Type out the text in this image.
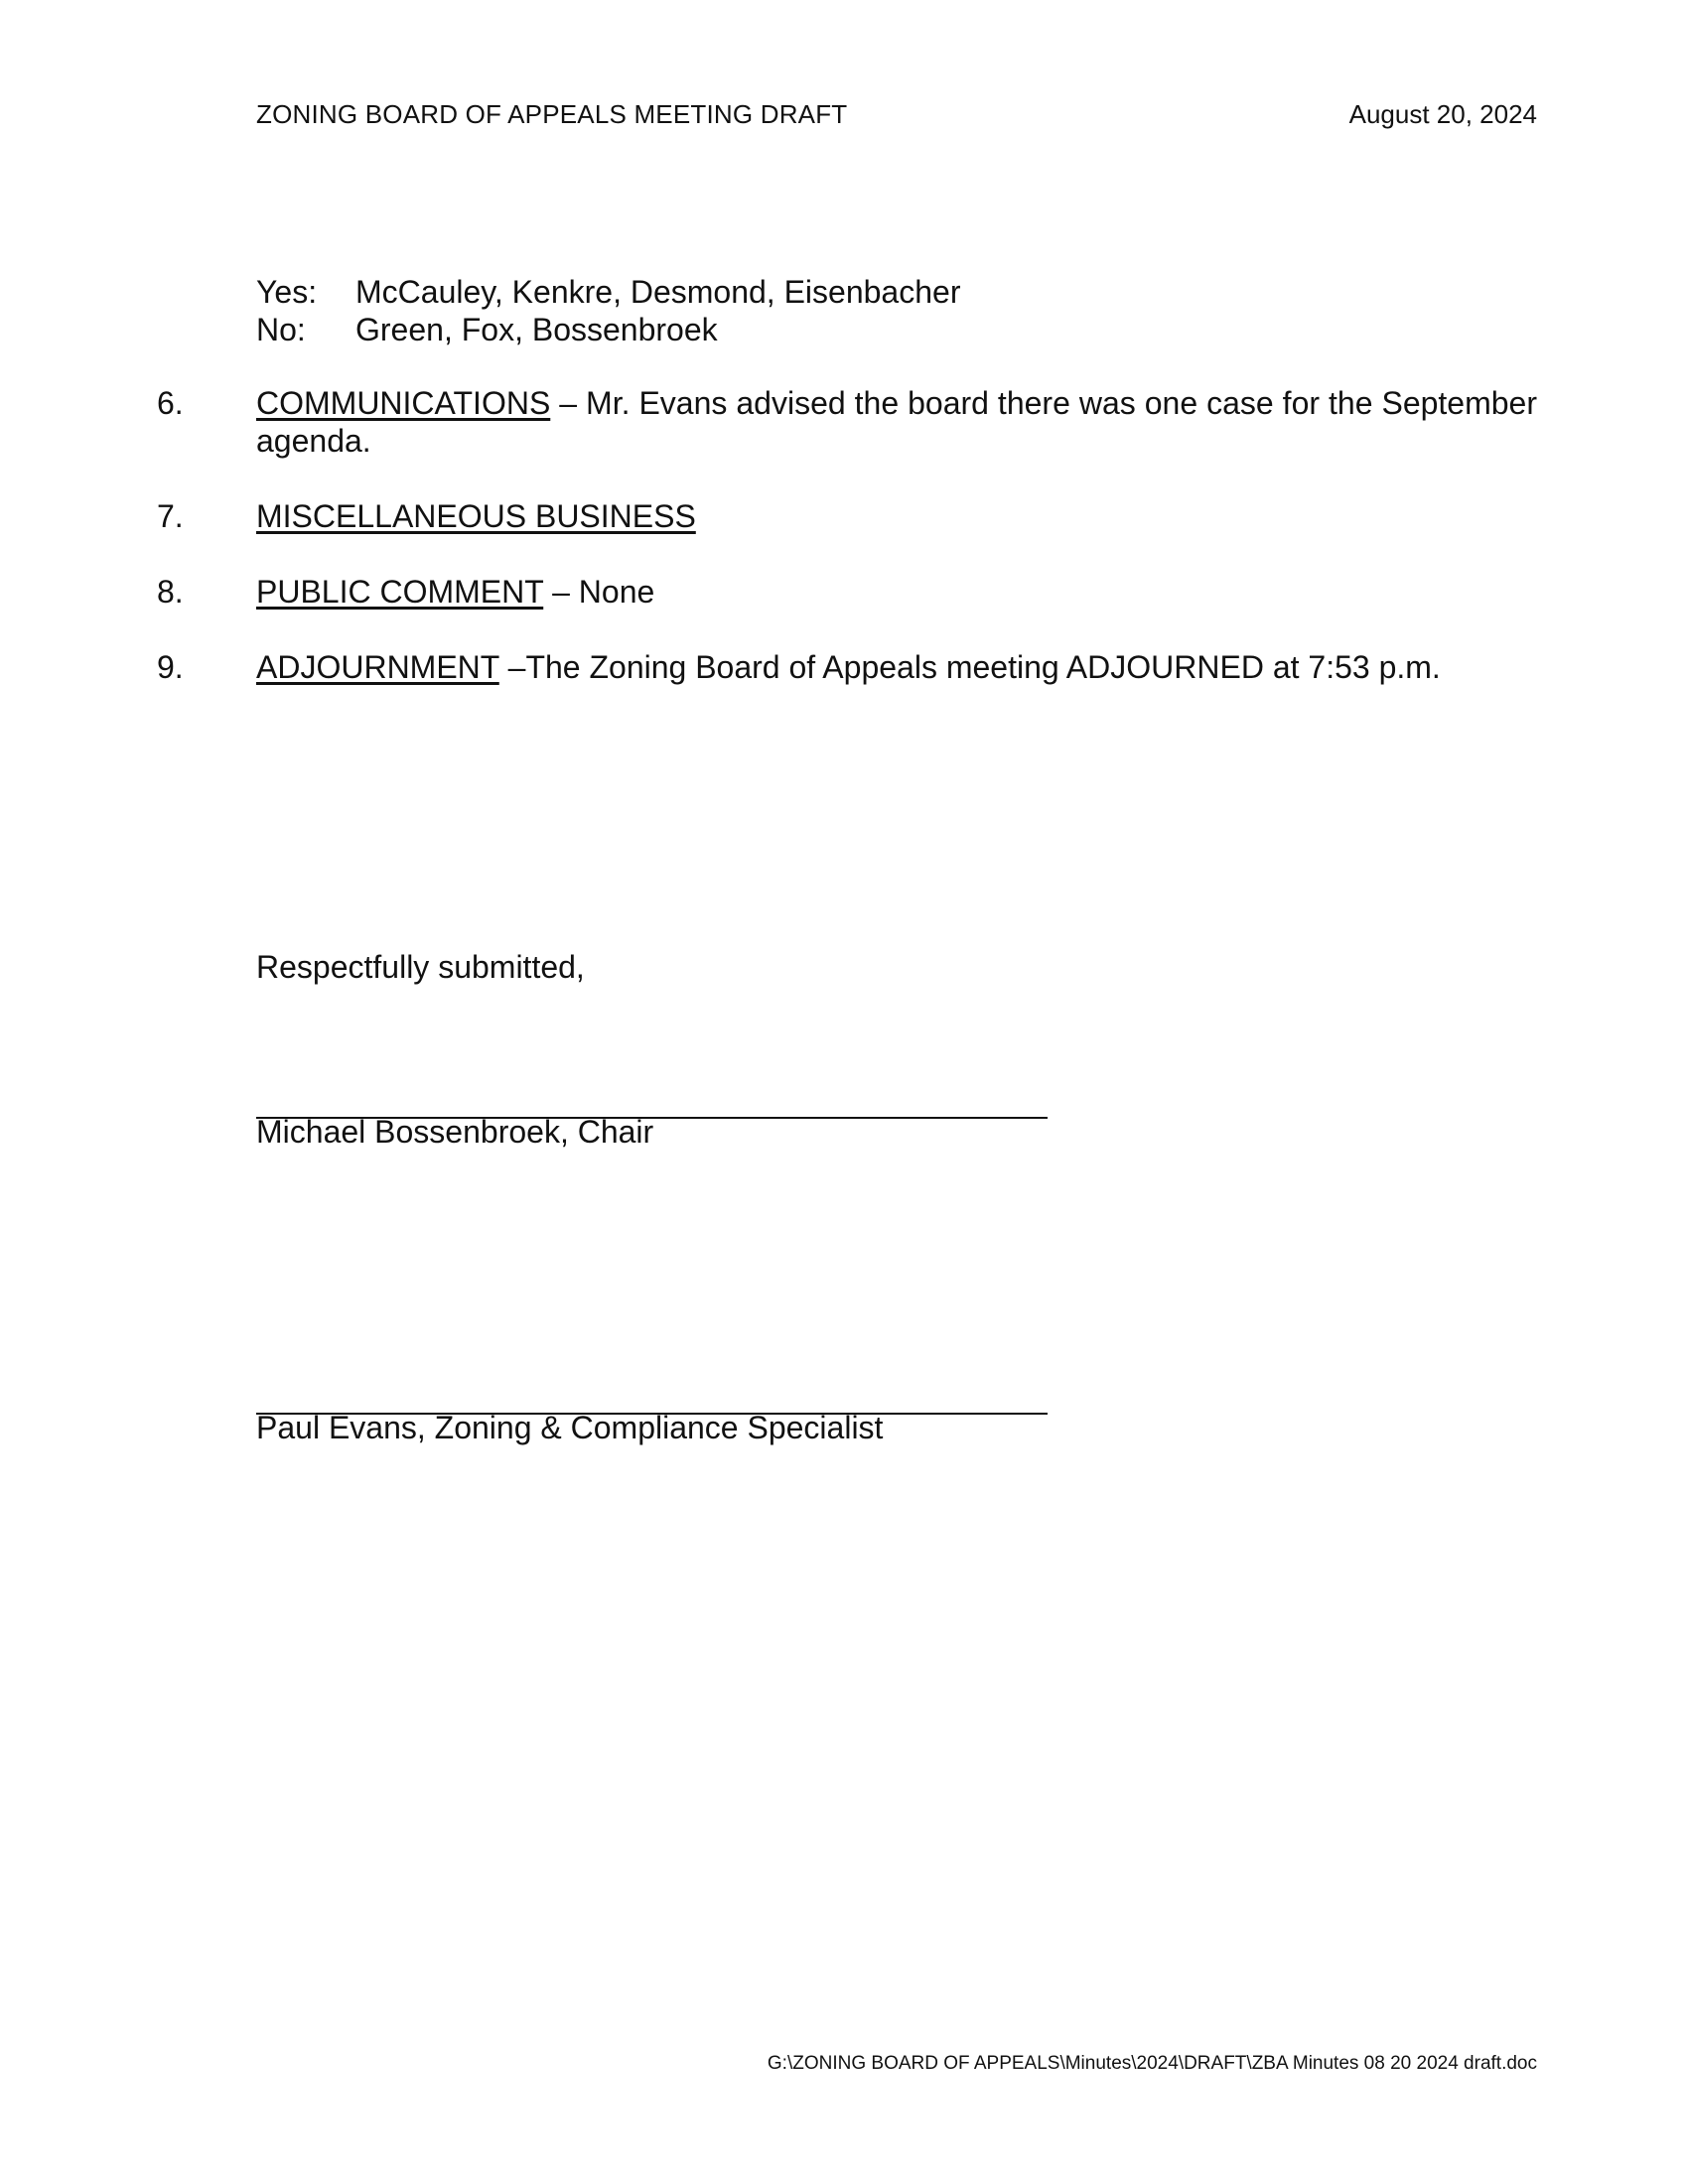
ZONING BOARD OF APPEALS MEETING DRAFT	August 20, 2024
Yes: McCauley, Kenkre, Desmond, Eisenbacher
No: Green, Fox, Bossenbroek
6. COMMUNICATIONS – Mr. Evans advised the board there was one case for the September agenda.
7. MISCELLANEOUS BUSINESS
8. PUBLIC COMMENT – None
9. ADJOURNMENT –The Zoning Board of Appeals meeting ADJOURNED at 7:53 p.m.
Respectfully submitted,
Michael Bossenbroek, Chair
Paul Evans, Zoning & Compliance Specialist
G:\ZONING BOARD OF APPEALS\Minutes\2024\DRAFT\ZBA Minutes 08 20 2024 draft.doc
